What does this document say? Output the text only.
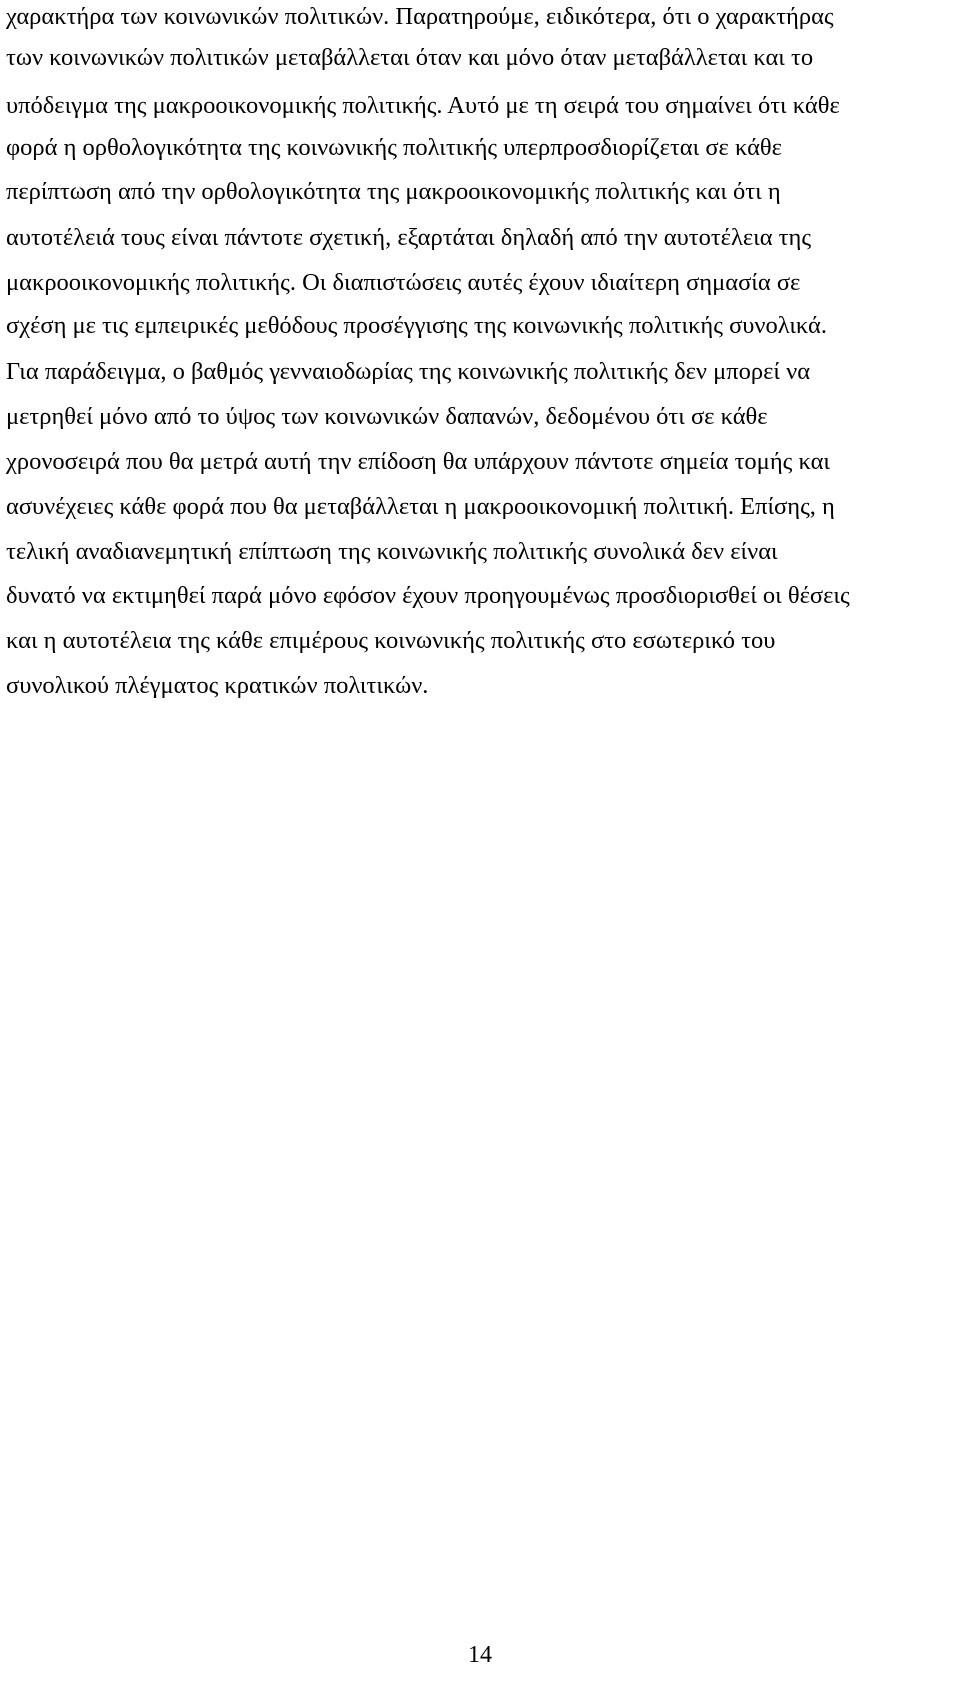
χαρακτήρα των κοινωνικών πολιτικών. Παρατηρούμε, ειδικότερα, ότι ο χαρακτήρας
των κοινωνικών πολιτικών μεταβάλλεται όταν και μόνο όταν μεταβάλλεται και το
υπόδειγμα της μακροοικονομικής πολιτικής. Αυτό με τη σειρά του σημαίνει ότι κάθε
φορά η ορθολογικότητα της κοινωνικής πολιτικής υπερπροσδιορίζεται σε κάθε
περίπτωση από την ορθολογικότητα της μακροοικονομικής πολιτικής και ότι η
αυτοτέλειά τους είναι πάντοτε σχετική, εξαρτάται δηλαδή από την αυτοτέλεια της
μακροοικονομικής πολιτικής. Οι διαπιστώσεις αυτές έχουν ιδιαίτερη σημασία σε
σχέση με τις εμπειρικές μεθόδους προσέγγισης της κοινωνικής πολιτικής συνολικά.
Για παράδειγμα, ο βαθμός γενναιοδωρίας της κοινωνικής πολιτικής δεν μπορεί να
μετρηθεί μόνο από το ύψος των κοινωνικών δαπανών, δεδομένου ότι σε κάθε
χρονοσειρά που θα μετρά αυτή την επίδοση θα υπάρχουν πάντοτε σημεία τομής και
ασυνέχειες κάθε φορά που θα μεταβάλλεται η μακροοικονομική πολιτική. Επίσης, η
τελική αναδιανεμητική επίπτωση της κοινωνικής πολιτικής συνολικά δεν είναι
δυνατό να εκτιμηθεί παρά μόνο εφόσον έχουν προηγουμένως προσδιορισθεί οι θέσεις
και η αυτοτέλεια της κάθε επιμέρους κοινωνικής πολιτικής στο εσωτερικό του
συνολικού πλέγματος κρατικών πολιτικών.
14
